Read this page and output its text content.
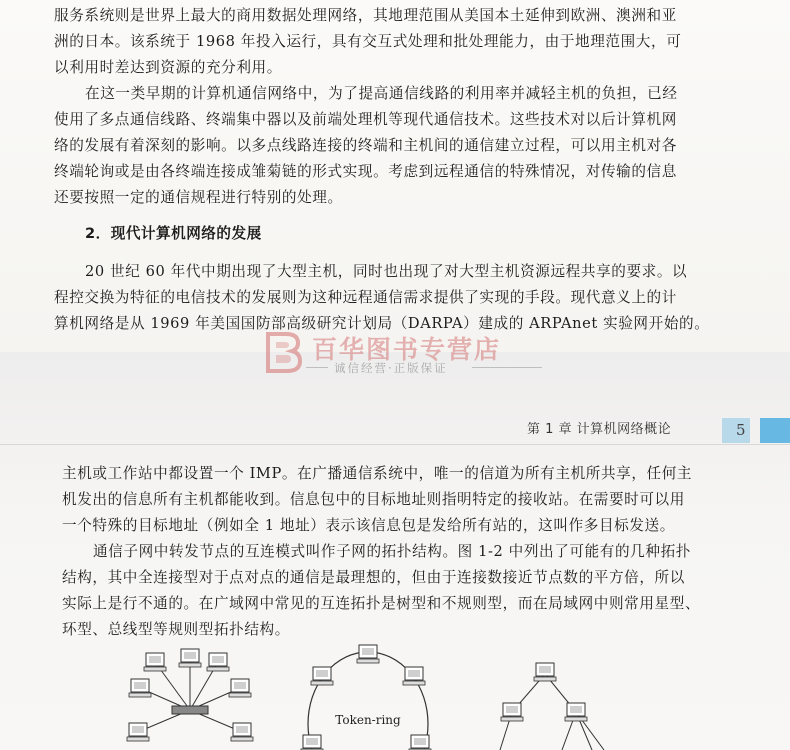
服务系统则是世界上最大的商用数据处理网络，其地理范围从美国本土延伸到欧洲、澳洲和亚
洲的日本。该系统于 1968 年投入运行，具有交互式处理和批处理能力，由于地理范围大，可
以利用时差达到资源的充分利用。
在这一类早期的计算机通信网络中，为了提高通信线路的利用率并减轻主机的负担，已经
使用了多点通信线路、终端集中器以及前端处理机等现代通信技术。这些技术对以后计算机网
络的发展有着深刻的影响。以多点线路连接的终端和主机间的通信建立过程，可以用主机对各
终端轮询或是由各终端连接成雏菊链的形式实现。考虑到远程通信的特殊情况，对传输的信息
还要按照一定的通信规程进行特别的处理。
2．现代计算机网络的发展
20 世纪 60 年代中期出现了大型主机，同时也出现了对大型主机资源远程共享的要求。以
程控交换为特征的电信技术的发展则为这种远程通信需求提供了实现的手段。现代意义上的计
算机网络是从 1969 年美国国防部高级研究计划局（DARPA）建成的 ARPAnet 实验网开始的。
百华图书专营店
诚信经营·正版保证
第 1 章 计算机网络概论	5
主机或工作站中都设置一个 IMP。在广播通信系统中，唯一的信道为所有主机所共享，任何主
机发出的信息所有主机都能收到。信息包中的目标地址则指明特定的接收站。在需要时可以用
一个特殊的目标地址（例如全 1 地址）表示该信息包是发给所有站的，这叫作多目标发送。
通信子网中转发节点的互连模式叫作子网的拓扑结构。图 1-2 中列出了可能有的几种拓扑
结构，其中全连接型对于点对点的通信是最理想的，但由于连接数接近节点数的平方倍，所以
实际上是行不通的。在广域网中常见的互连拓扑是树型和不规则型，而在局域网中则常用星型、
环型、总线型等规则型拓扑结构。
Token-ring
